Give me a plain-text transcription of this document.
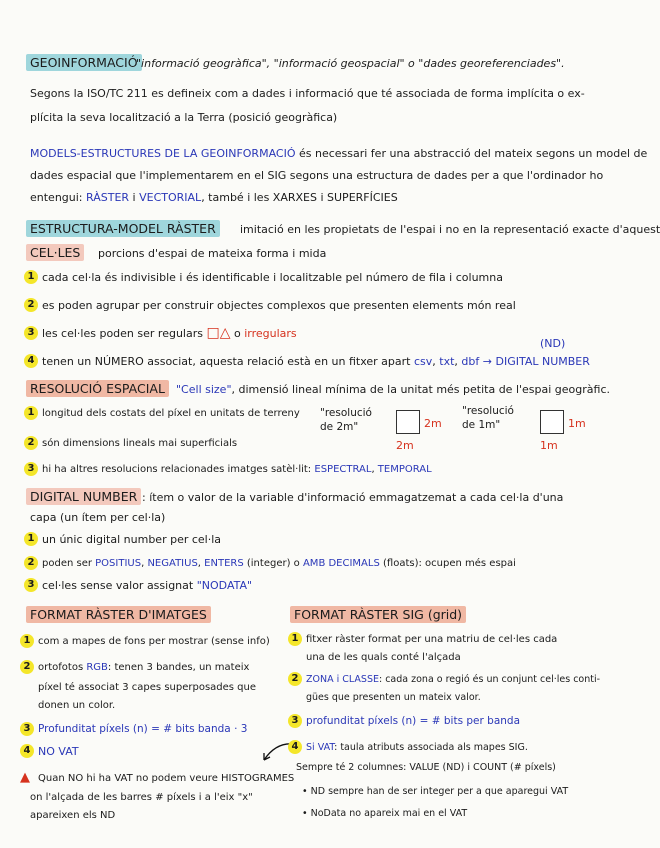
GEOINFORMACIÓ
"informació geogràfica", "informació geospacial" o "dades georeferenciades".
Segons la ISO/TC 211 es defineix com a dades i informació que té associada de forma implícita o ex-
plícita la seva localització a la Terra (posició geogràfica)
MODELS-ESTRUCTURES DE LA GEOINFORMACIÓ és necessari fer una abstracció del mateix segons un model de
dades espacial que l'implementarem en el SIG segons una estructura de dades per a que l'ordinador ho
entengui: RÀSTER i VECTORIAL, també i les XARXES i SUPERFÍCIES
ESTRUCTURA-MODEL RÀSTER	imitació en les propietats de l'espai i no en la representació exacte d'aquest
CEL·LES	porcions d'espai de mateixa forma i mida
1 cada cel·la és indivisible i és identificable i localitzable pel número de fila i columna
2 es poden agrupar per construir objectes complexos que presenten elements món real
3 les cel·les poden ser regulars □△ o irregulars
(ND)
4 tenen un NÚMERO associat, aquesta relació està en un fitxer apart csv, txt, dbf → DIGITAL NUMBER
RESOLUCIÓ ESPACIAL	"Cell size", dimensió lineal mínima de la unitat més petita de l'espai geogràfic.
1 longitud dels costats del píxel en unitats de terreny
2 són dimensions lineals mai superficials
3 hi ha altres resolucions relacionades imatges satèl·lit: ESPECTRAL, TEMPORAL
"resolució de 2m"	2m
2m
"resolució de 1m"	1m
1m
DIGITAL NUMBER : ítem o valor de la variable d'informació emmagatzemat a cada cel·la d'una
capa (un ítem per cel·la)
1 un únic digital number per cel·la
2 poden ser POSITIUS, NEGATIUS, ENTERS (integer) o AMB DECIMALS (floats): ocupen més espai
3 cel·les sense valor assignat "NODATA"
FORMAT RÀSTER D'IMATGES
1 com a mapes de fons per mostrar (sense info)
2 ortofotos RGB: tenen 3 bandes, un mateix
píxel té associat 3 capes superposades que
donen un color.
3 Profunditat píxels (n) = # bits banda · 3
4 NO VAT
▲ Quan NO hi ha VAT no podem veure HISTOGRAMES
on l'alçada de les barres # píxels i a l'eix "x"
apareixen els ND
FORMAT RÀSTER SIG (grid)
1 fitxer ràster format per una matriu de cel·les cada
una de les quals conté l'alçada
2 ZONA i CLASSE: cada zona o regió és un conjunt cel·les conti-
gües que presenten un mateix valor.
3 profunditat píxels (n) = # bits per banda
4 Si VAT: taula atributs associada als mapes SIG.
Sempre té 2 columnes: VALUE (ND) i COUNT (# píxels)
• ND sempre han de ser integer per a que aparegui VAT
• NoData no apareix mai en el VAT
